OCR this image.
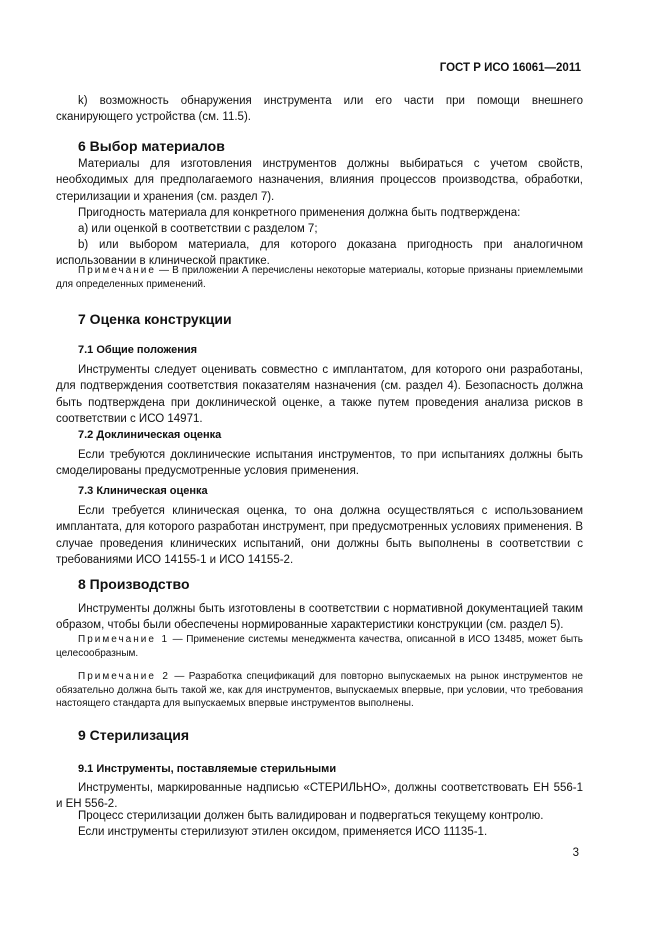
ГОСТ Р ИСО 16061—2011

k) возможность обнаружения инструмента или его части при помощи внешнего сканирующего устройства (см. 11.5).

6 Выбор материалов

Материалы для изготовления инструментов должны выбираться с учетом свойств, необходимых для предполагаемого назначения, влияния процессов производства, обработки, стерилизации и хранения (см. раздел 7).

Пригодность материала для конкретного применения должна быть подтверждена:

a) или оценкой в соответствии с разделом 7;

b) или выбором материала, для которого доказана пригодность при аналогичном использовании в клинической практике.

Примечание — В приложении А перечислены некоторые материалы, которые признаны приемлемыми для определенных применений.

7 Оценка конструкции
7.1 Общие положения

Инструменты следует оценивать совместно с имплантатом, для которого они разработаны, для подтверждения соответствия показателям назначения (см. раздел 4). Безопасность должна быть подтверждена при доклинической оценке, а также путем проведения анализа рисков в соответствии с ИСО 14971.

7.2 Доклиническая оценка

Если требуются доклинические испытания инструментов, то при испытаниях должны быть смоделированы предусмотренные условия применения.

7.3 Клиническая оценка

Если требуется клиническая оценка, то она должна осуществляться с использованием имплантата, для которого разработан инструмент, при предусмотренных условиях применения. В случае проведения клинических испытаний, они должны быть выполнены в соответствии с требованиями ИСО 14155-1 и ИСО 14155-2.

8 Производство

Инструменты должны быть изготовлены в соответствии с нормативной документацией таким образом, чтобы были обеспечены нормированные характеристики конструкции (см. раздел 5).

Примечание 1 — Применение системы менеджмента качества, описанной в ИСО 13485, может быть целесообразным.

Примечание 2 — Разработка спецификаций для повторно выпускаемых на рынок инструментов не обязательно должна быть такой же, как для инструментов, выпускаемых впервые, при условии, что требования настоящего стандарта для выпускаемых впервые инструментов выполнены.

9 Стерилизация
9.1 Инструменты, поставляемые стерильными

Инструменты, маркированные надписью «СТЕРИЛЬНО», должны соответствовать ЕН 556-1 и ЕН 556-2.

Процесс стерилизации должен быть валидирован и подвергаться текущему контролю.

Если инструменты стерилизуют этилен оксидом, применяется ИСО 11135-1.

3
